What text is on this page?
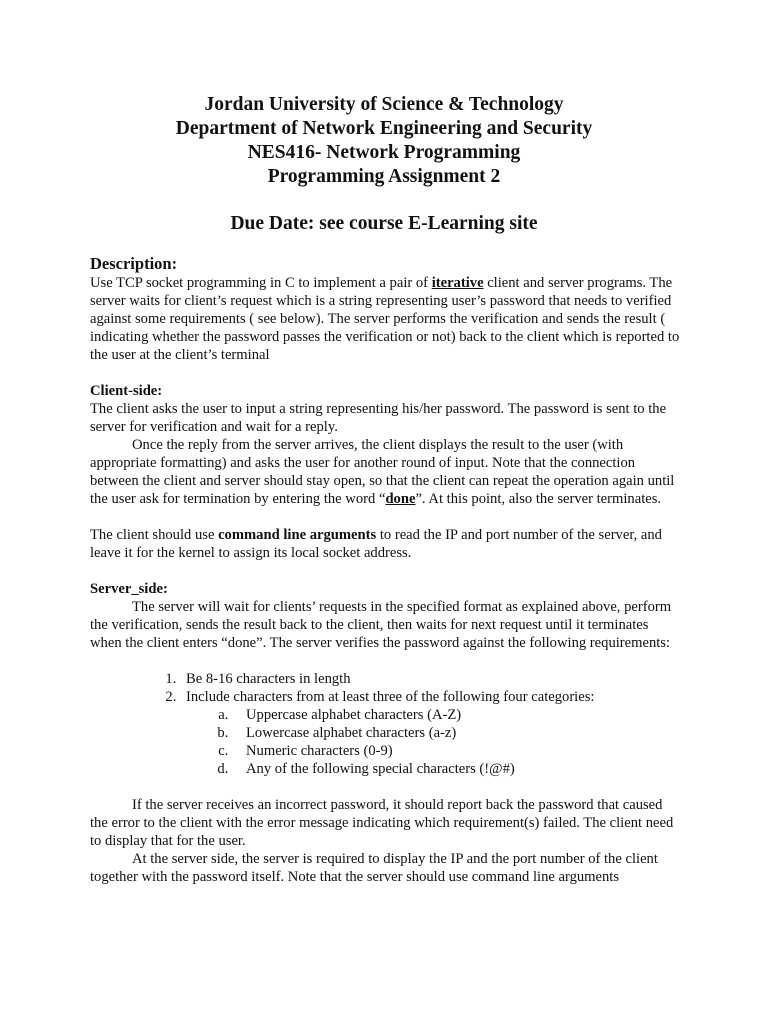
Jordan University of Science & Technology
Department of Network Engineering and Security
NES416- Network Programming
Programming Assignment 2
Due Date: see course E-Learning site

Description:

Use TCP socket programming in C to implement a pair of iterative client and server programs. The server waits for client’s request which is a string representing user’s password that needs to verified against some requirements ( see below). The server performs the verification and sends the result ( indicating whether the password passes the verification or not) back to the client which is reported to the user at the client’s terminal

Client-side:

The client asks the user to input a string representing his/her password. The password is sent to the server for verification and wait for a reply.

Once the reply from the server arrives, the client displays the result to the user (with appropriate formatting) and asks the user for another round of input. Note that the connection between the client and server should stay open, so that the client can repeat the operation again until the user ask for termination by entering the word “done”. At this point, also the server terminates.

The client should use command line arguments to read the IP and port number of the server, and leave it for the kernel to assign its local socket address.

Server_side:

The server will wait for clients’ requests in the specified format as explained above, perform the verification, sends the result back to the client, then waits for next request until it terminates when the client enters “done”. The server verifies the password against the following requirements:

1. Be 8-16 characters in length
2. Include characters from at least three of the following four categories:
a. Uppercase alphabet characters (A-Z)
b. Lowercase alphabet characters (a-z)
c. Numeric characters (0-9)
d. Any of the following special characters (!@#)

If the server receives an incorrect password, it should report back the password that caused the error to the client with the error message indicating which requirement(s) failed. The client need to display that for the user.

At the server side, the server is required to display the IP and the port number of the client together with the password itself. Note that the server should use command line arguments
